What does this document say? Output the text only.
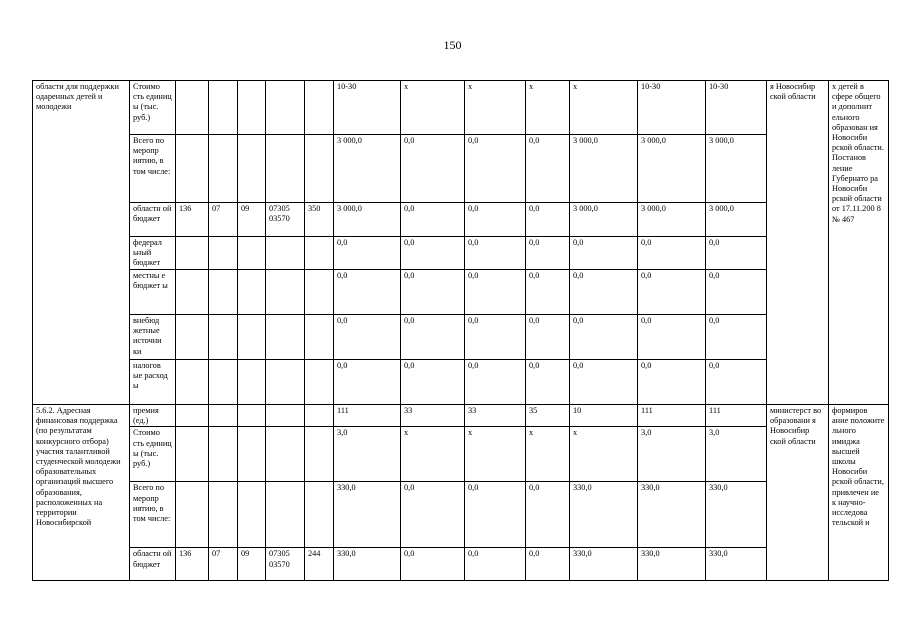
150
области для поддержки одаренных детей и молодежи	Стоимо сть единиц ы (тыс. руб.)						10-30	х	х	х	х	10-30	10-30	я Новосибир ской области	х детей в сфере общего и дополнит ельного образован ия Новосиби рской области. Постанов ление Губернато ра Новосиби рской области от 17.11.200 8 № 467
	Всего по меропр иятию, в том числе:						3 000,0	0,0	0,0	0,0	3 000,0	3 000,0	3 000,0		
	областн ой бюджет	136	07	09	07305 03570	350	3 000,0	0,0	0,0	0,0	3 000,0	3 000,0	3 000,0		
	федерал ьный бюджет						0,0	0,0	0,0	0,0	0,0	0,0	0,0		
	местны е бюджет ы						0,0	0,0	0,0	0,0	0,0	0,0	0,0		
	внебюд жетные источни ки						0,0	0,0	0,0	0,0	0,0	0,0	0,0		
	налогов ые расход ы						0,0	0,0	0,0	0,0	0,0	0,0	0,0		
5.6.2. Адресная финансовая поддержка (по результатам конкурсного отбора) участия талантливой студенческой молодежи образовательных организаций высшего образования, расположенных на территории Новосибирской	премия (ед.)						111	33	33	35	10	111	111	министерст во образовани я Новосибир ской области	формиров ание положите льного имиджа высшей школы Новосиби рской области, привлечен ие к научно-исследова тельской и
	Стоимо сть единиц ы (тыс. руб.)						3,0	х	х	х	х	3,0	3,0		
	Всего по меропр иятию, в том числе:						330,0	0,0	0,0	0,0	330,0	330,0	330,0		
	областн ой бюджет	136	07	09	07305 03570	244	330,0	0,0	0,0	0,0	330,0	330,0	330,0		
